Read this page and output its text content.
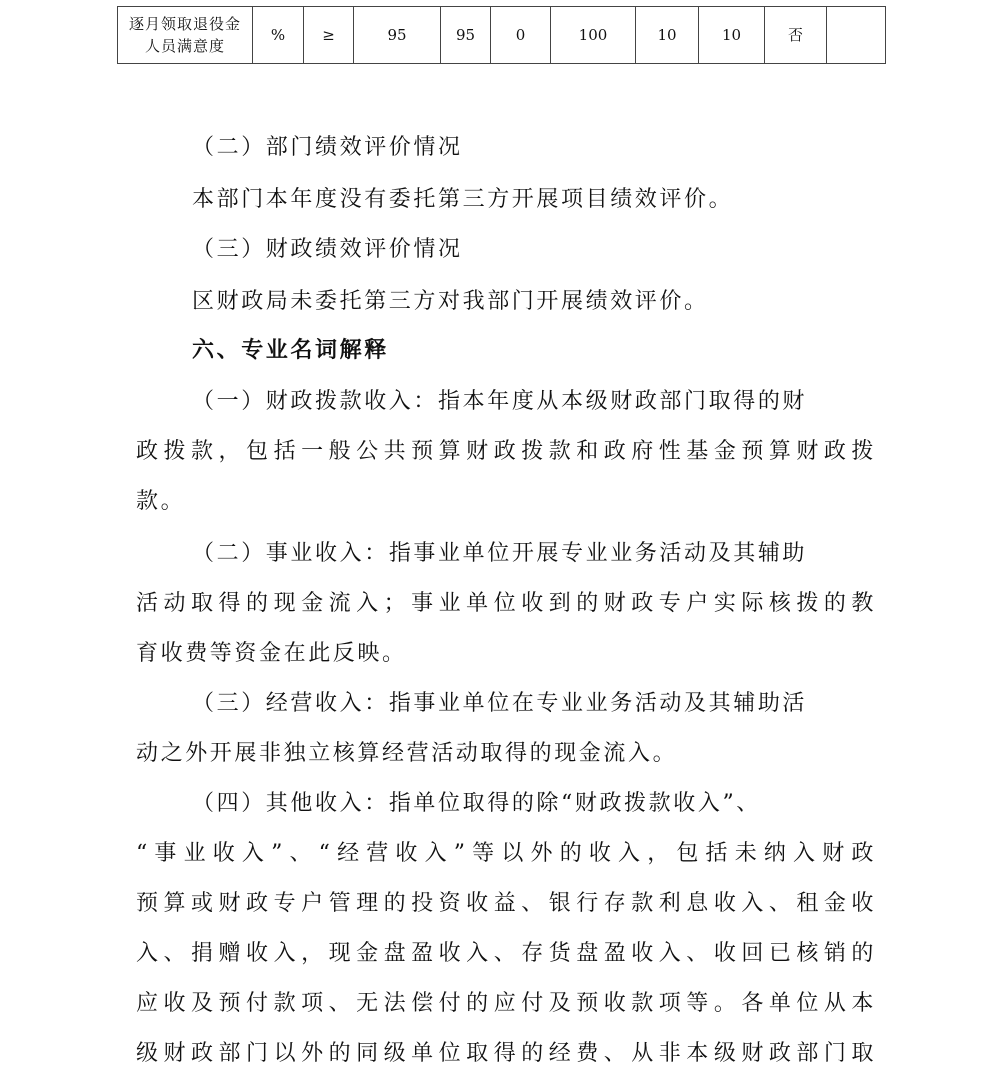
逐月领取退役金
人员满意度
	%	≥	95	95	0	100	10	10	否	
（二）部门绩效评价情况
本部门本年度没有委托第三方开展项目绩效评价。
（三）财政绩效评价情况
区财政局未委托第三方对我部门开展绩效评价。
六、专业名词解释
（一）财政拨款收入：指本年度从本级财政部门取得的财
政拨款，包括一般公共预算财政拨款和政府性基金预算财政拨
款。
（二）事业收入：指事业单位开展专业业务活动及其辅助
活动取得的现金流入；事业单位收到的财政专户实际核拨的教
育收费等资金在此反映。
（三）经营收入：指事业单位在专业业务活动及其辅助活
动之外开展非独立核算经营活动取得的现金流入。
（四）其他收入：指单位取得的除“财政拨款收入”、
“事业收入”、“经营收入”等以外的收入，包括未纳入财政
预算或财政专户管理的投资收益、银行存款利息收入、租金收
入、捐赠收入，现金盘盈收入、存货盘盈收入、收回已核销的
应收及预付款项、无法偿付的应付及预收款项等。各单位从本
级财政部门以外的同级单位取得的经费、从非本级财政部门取
